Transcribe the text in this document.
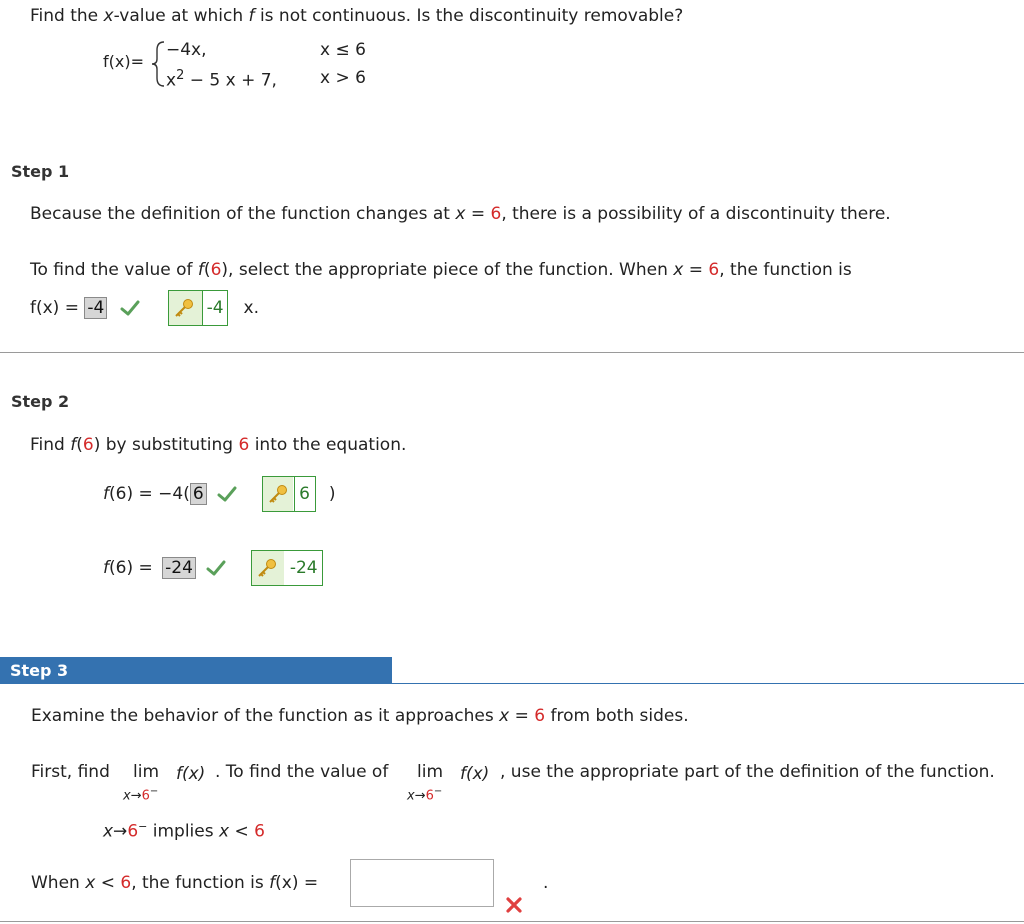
Find the x-value at which f is not continuous. Is the discontinuity removable?
f(x)=
−4x,	x ≤ 6
$x^2 - 5$ x + 7,	x > 6
Step 1
Because the definition of the function changes at x = 6, there is a possibility of a discontinuity there.
To find the value of f(6), select the appropriate piece of the function. When x = 6, the function is
f(x) = -4	-4 x.
Step 2
Find f(6) by substituting 6 into the equation.
f(6) = −4( 6	6 )
f(6) = -24	-24
Step 3
Examine the behavior of the function as it approaches x = 6 from both sides.
First, find lim
x→6−
f(x) . To find the value of lim
x→6−
f(x) , use the appropriate part of the definition of the function.
x→6− implies x < 6
When x < 6, the function is f(x) =	.
